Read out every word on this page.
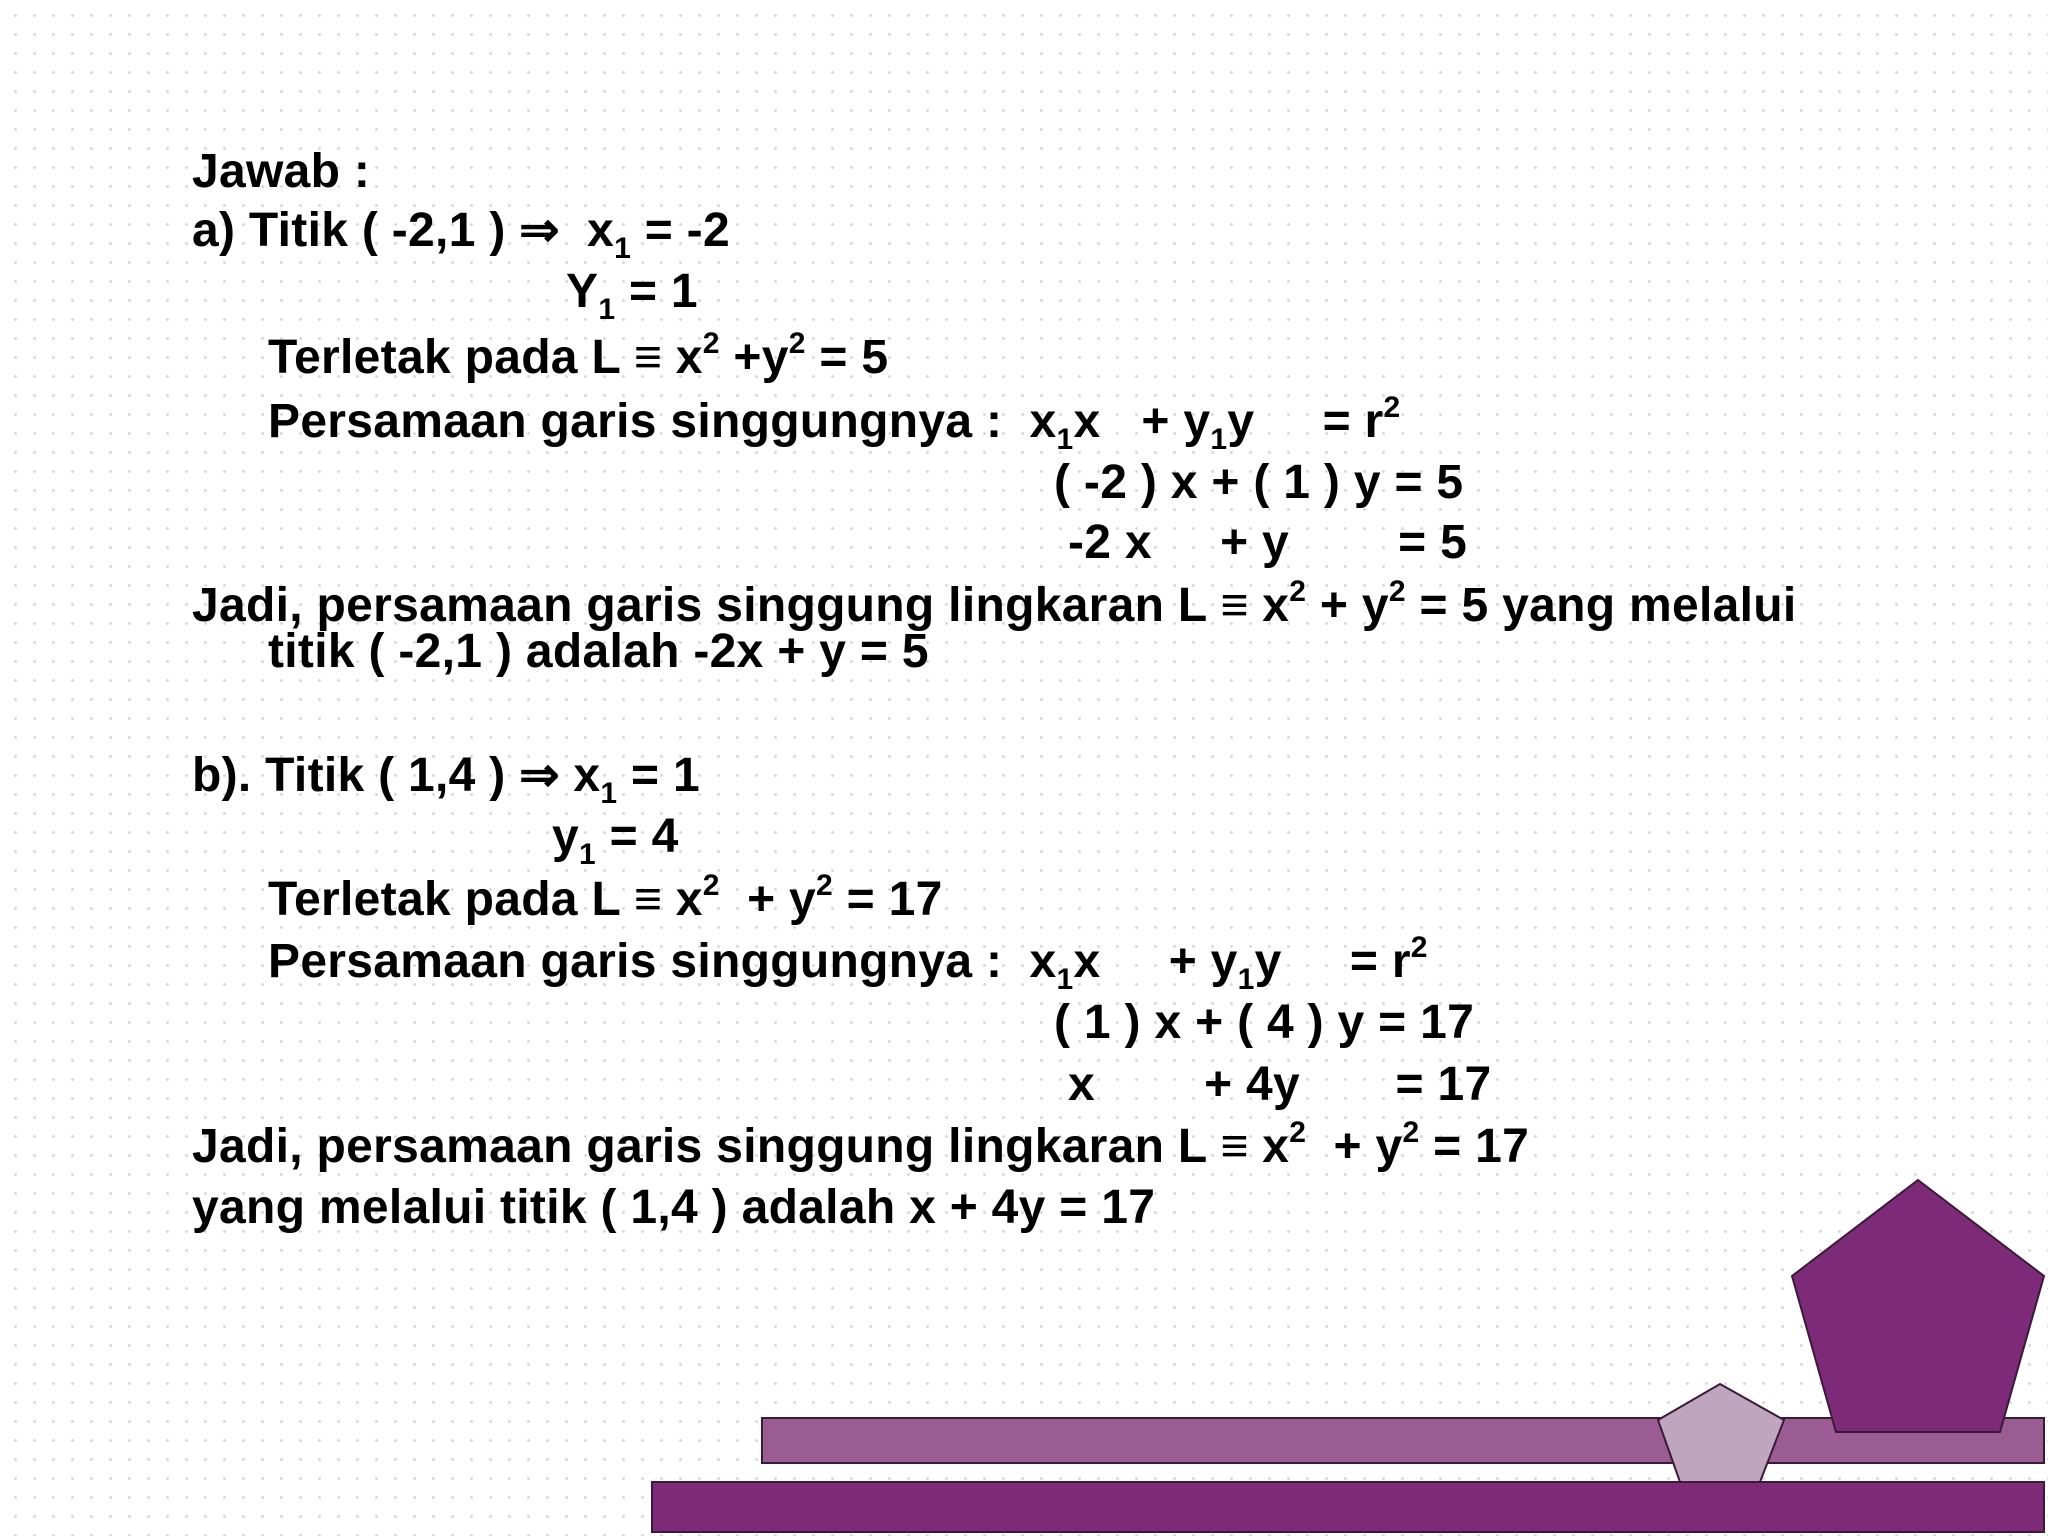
Jawab :
a) Titik ( -2,1 ) ⇒  $x_1 = -2$
$Y_1 = 1$
Terletak pada $L \equiv x^2 +y^2 = 5$
Persamaan garis singgungnya :  $x_1x + y_1y$     = $r^2$
( -2 ) x + ( 1 ) y = 5
-2 x     + y        = 5
Jadi, persamaan garis singgung lingkaran $L \equiv x^2 + y^2 = 5$ yang melalui
titik ( -2,1 ) adalah -2x + y = 5
b). Titik ( 1,4 ) ⇒ $x_1 = 1$
$y_1 = 4$
Terletak pada $L \equiv x^2 + y^2 = 17$
Persamaan garis singgungnya :  $x_1x$     + $y_1y$     = $r^2$
( 1 ) x + ( 4 ) y = 17
x        + 4y       = 17
Jadi, persamaan garis singgung lingkaran $L \equiv x^2 + y^2 = 17$
yang melalui titik ( 1,4 ) adalah x + 4y = 17
